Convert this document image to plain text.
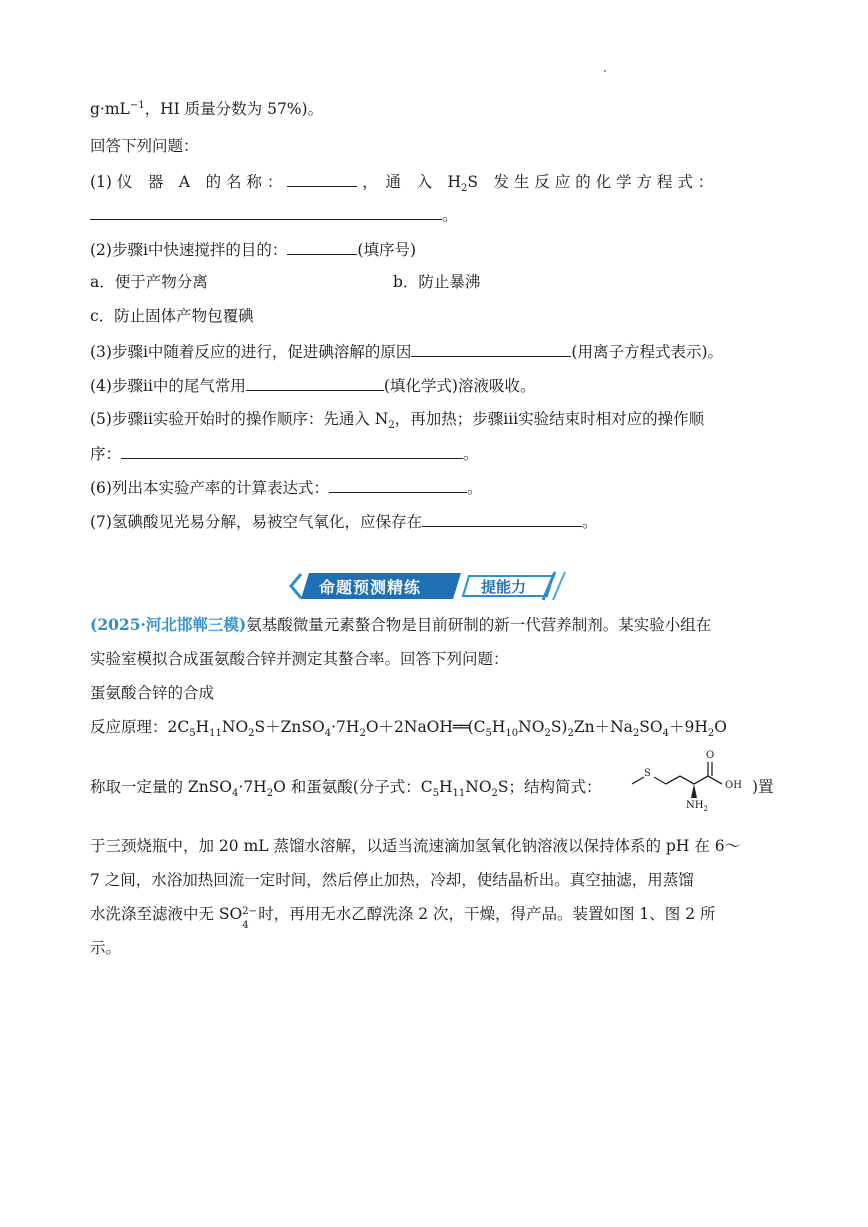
$g\cdot mL^{-1}$，HI 质量分数为 57%)。
回答下列问题：
(1) 仪　器　A　的 名 称 ：	，　通　入　$H_2S$　发 生 反 应 的 化 学 方 程 式 ：
。
(2)步骤ⅰ中快速搅拌的目的：	(填序号)
a．便于产物分离	b．防止暴沸
c．防止固体产物包覆碘
(3)步骤ⅰ中随着反应的进行，促进碘溶解的原因	(用离子方程式表示)。
(4)步骤ⅱ中的尾气常用	(填化学式)溶液吸收。
(5)步骤ⅱ实验开始时的操作顺序：先通入 $N_2$，再加热；步骤ⅲ实验结束时相对应的操作顺
序：	。
(6)列出本实验产率的计算表达式：	。
(7)氢碘酸见光易分解，易被空气氧化，应保存在	。
命题预测精练	提能力
(2025·河北邯郸三模)氨基酸微量元素螯合物是目前研制的新一代营养制剂。某实验小组在
实验室模拟合成蛋氨酸合锌并测定其螯合率。回答下列问题：
蛋氨酸合锌的合成
反应原理：$2C_5H_{11}NO_2S+ZnSO_4\cdot 7H_2O+2NaOH══(C_5H_{10}NO_2S)_2Zn+Na_2SO_4+9H_2O$
称取一定量的 $ZnSO_4\cdot 7H_2O$ 和蛋氨酸(分子式：$C_5H_{11}NO_2S$；结构简式：	)置
S
O
OH
$NH_2$
于三颈烧瓶中，加 20 mL 蒸馏水溶解，以适当流速滴加氢氧化钠溶液以保持体系的 pH 在 6～
7 之间，水浴加热回流一定时间，然后停止加热，冷却，使结晶析出。真空抽滤，用蒸馏
水洗涤至滤液中无 SO 2−
4
时，再用无水乙醇洗涤 2 次，干燥，得产品。装置如图 1、图 2 所
示。
